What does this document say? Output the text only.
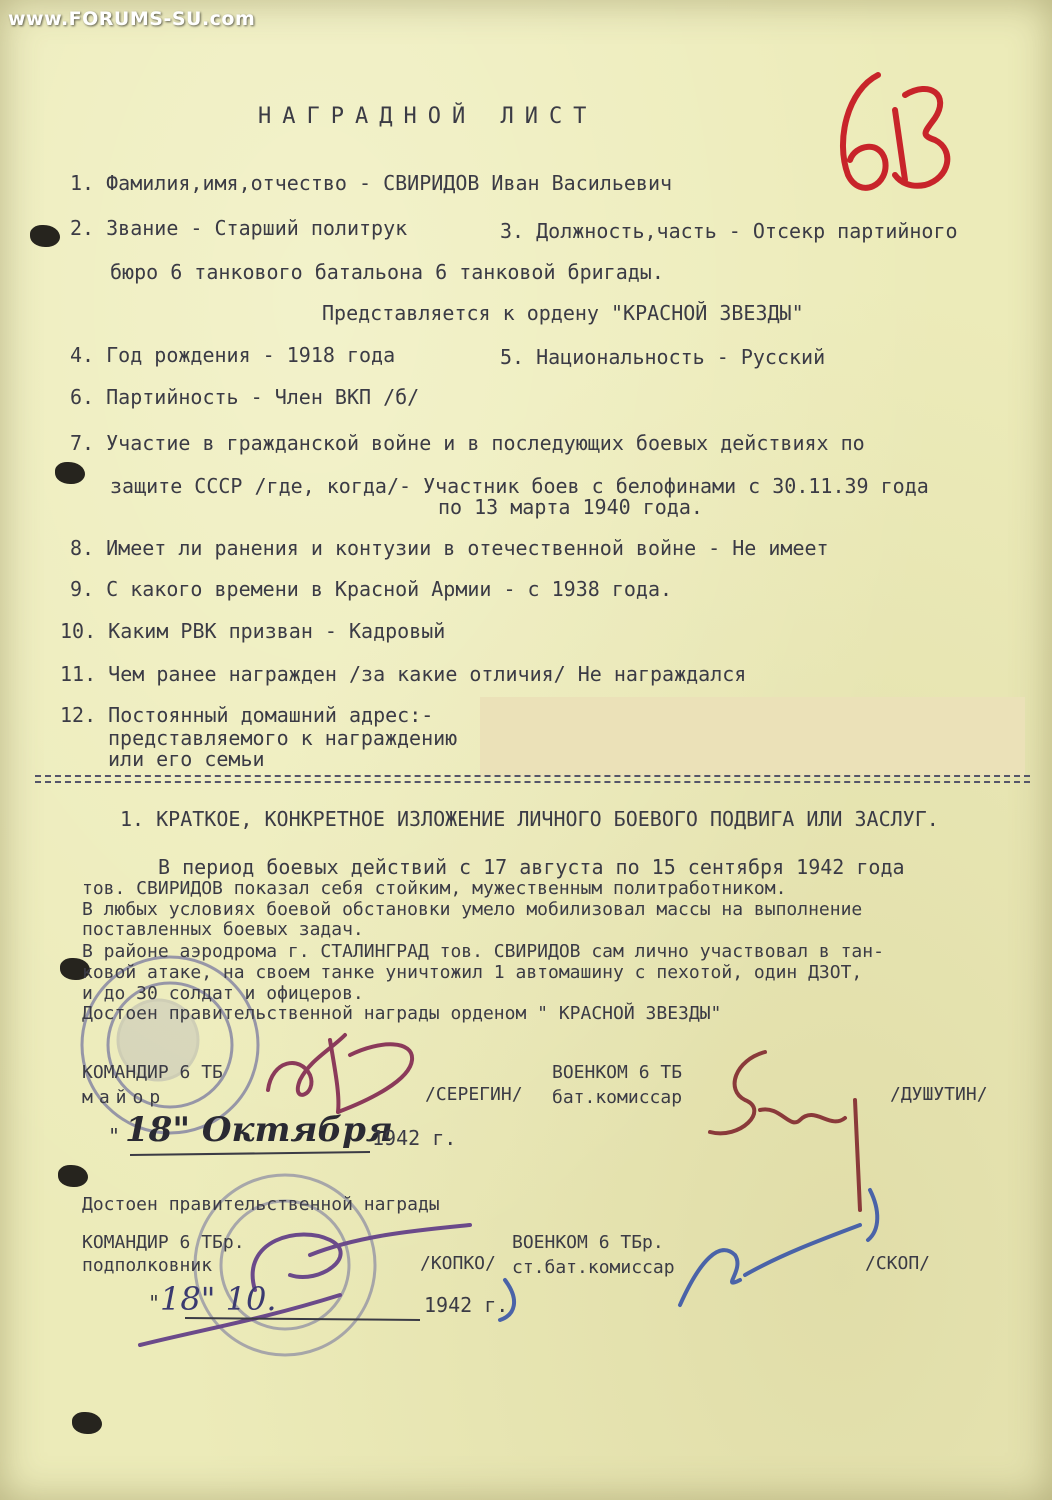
www.FORUMS-SU.com
НАГРАДНОЙ ЛИСТ
1. Фамилия,имя,отчество - СВИРИДОВ Иван Васильевич
2. Звание - Старший политрук	3. Должность,часть - Отсекр партийного
бюро 6 танкового батальона 6 танковой бригады.
Представляется к ордену "КРАСНОЙ ЗВЕЗДЫ"
4. Год рождения - 1918 года	5. Национальность - Русский
6. Партийность - Член ВКП /б/
7. Участие в гражданской войне и в последующих боевых действиях по
защите СССР /где, когда/- Участник боев с белофинами с 30.11.39 года
по 13 марта 1940 года.
8. Имеет ли ранения и контузии в отечественной войне - Не имеет
9. С какого времени в Красной Армии - с 1938 года.
10. Каким РВК призван - Кадровый
11. Чем ранее награжден /за какие отличия/ Не награждался
12. Постоянный домашний адрес:-
представляемого к награждению
или его семьи
1. КРАТКОЕ, КОНКРЕТНОЕ ИЗЛОЖЕНИЕ ЛИЧНОГО БОЕВОГО ПОДВИГА ИЛИ ЗАСЛУГ.
В период боевых действий с 17 августа по 15 сентября 1942 года
тов. СВИРИДОВ показал себя стойким, мужественным политработником.
В любых условиях боевой обстановки умело мобилизовал массы на выполнение
поставленных боевых задач.
В районе аэродрома г. СТАЛИНГРАД тов. СВИРИДОВ сам лично участвовал в тан-
ковой атаке, на своем танке уничтожил 1 автомашину с пехотой, один ДЗОТ,
и до 30 солдат и офицеров.
Достоен правительственной награды орденом " КРАСНОЙ ЗВЕЗДЫ"
КОМАНДИР 6 ТБ
майор	/СЕРЕГИН/
ВОЕНКОМ 6 ТБ
бат.комиссар	/ДУШУТИН/
" 18" Октября
1942 г.
Достоен правительственной награды
КОМАНДИР 6 ТБр.
подполковник	/КОПКО/
ВОЕНКОМ 6 ТБр.
ст.бат.комиссар	/СКОП/
" 18" 10.	1942 г.
